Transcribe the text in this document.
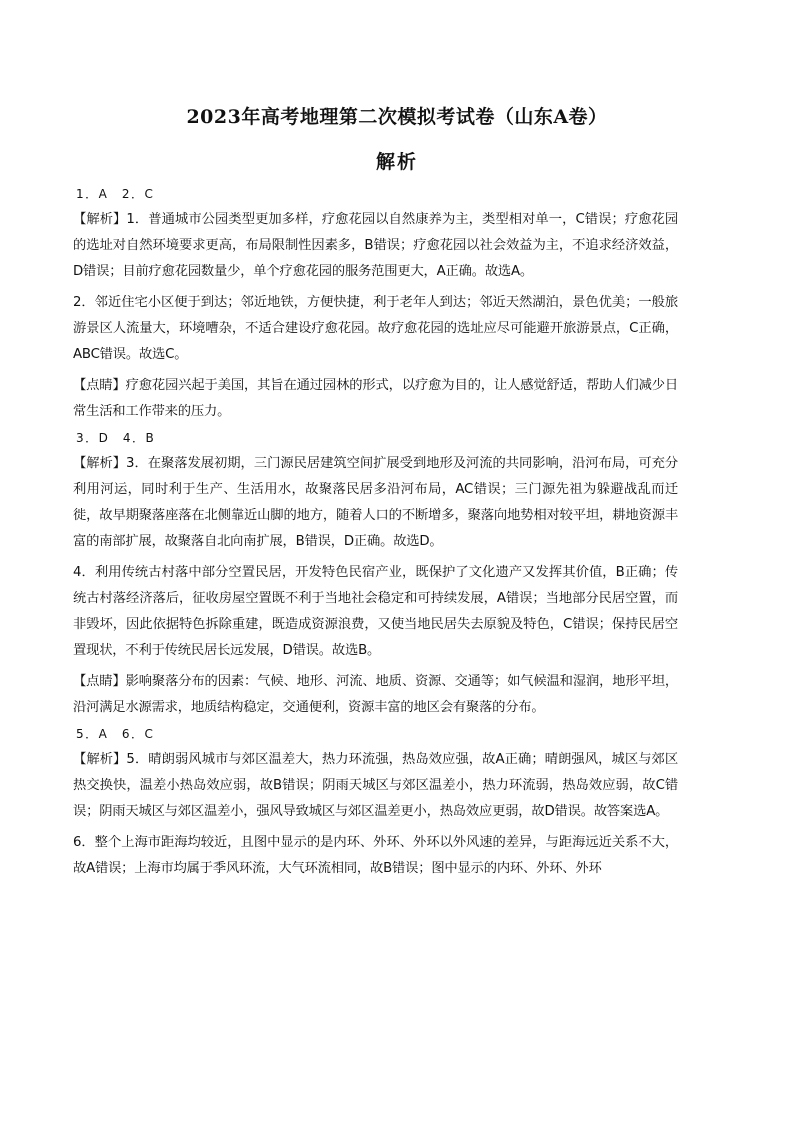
2023年高考地理第二次模拟考试卷（山东A卷）
解析
1．A　2．C

【解析】1．普通城市公园类型更加多样，疗愈花园以自然康养为主，类型相对单一，C错误；疗愈花园的选址对自然环境要求更高，布局限制性因素多，B错误；疗愈花园以社会效益为主，不追求经济效益，D错误；目前疗愈花园数量少，单个疗愈花园的服务范围更大，A正确。故选A。

2．邻近住宅小区便于到达；邻近地铁，方便快捷，利于老年人到达；邻近天然湖泊，景色优美；一般旅游景区人流量大，环境嘈杂，不适合建设疗愈花园。故疗愈花园的选址应尽可能避开旅游景点，C正确，ABC错误。故选C。

【点睛】疗愈花园兴起于美国，其旨在通过园林的形式，以疗愈为目的，让人感觉舒适，帮助人们减少日常生活和工作带来的压力。

3．D　4．B

【解析】3．在聚落发展初期，三门源民居建筑空间扩展受到地形及河流的共同影响，沿河布局，可充分利用河运，同时利于生产、生活用水，故聚落民居多沿河布局，AC错误；三门源先祖为躲避战乱而迁徙，故早期聚落座落在北侧靠近山脚的地方，随着人口的不断增多，聚落向地势相对较平坦，耕地资源丰富的南部扩展，故聚落自北向南扩展，B错误，D正确。故选D。

4．利用传统古村落中部分空置民居，开发特色民宿产业，既保护了文化遗产又发挥其价值，B正确；传统古村落经济落后，征收房屋空置既不利于当地社会稳定和可持续发展，A错误；当地部分民居空置，而非毁坏，因此依据特色拆除重建，既造成资源浪费，又使当地民居失去原貌及特色，C错误；保持民居空置现状，不利于传统民居长远发展，D错误。故选B。

【点睛】影响聚落分布的因素：气候、地形、河流、地质、资源、交通等；如气候温和湿润，地形平坦，沿河满足水源需求，地质结构稳定，交通便利，资源丰富的地区会有聚落的分布。

5．A　6．C

【解析】5．晴朗弱风城市与郊区温差大，热力环流强，热岛效应强，故A正确；晴朗强风，城区与郊区热交换快，温差小热岛效应弱，故B错误；阴雨天城区与郊区温差小，热力环流弱，热岛效应弱，故C错误；阴雨天城区与郊区温差小，强风导致城区与郊区温差更小，热岛效应更弱，故D错误。故答案选A。

6．整个上海市距海均较近，且图中显示的是内环、外环、外环以外风速的差异，与距海远近关系不大，故A错误；上海市均属于季风环流，大气环流相同，故B错误；图中显示的内环、外环、外环
